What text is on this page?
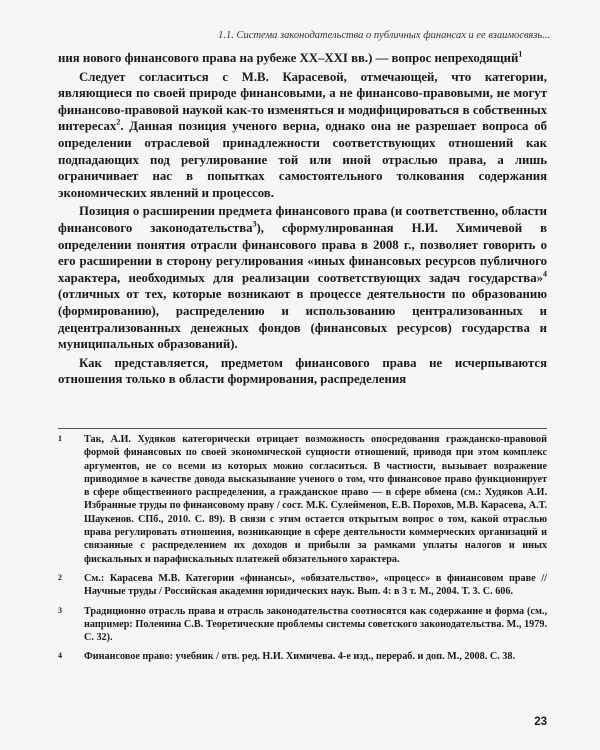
1.1. Система законодательства о публичных финансах и ее взаимосвязь...

ния нового финансового права на рубеже XX–XXI вв.) — вопрос непреходящий$^1$

Следует согласиться с М.В. Карасевой, отмечающей, что категории, являющиеся по своей природе финансовыми, а не финансово-правовыми, не могут финансово-правовой наукой как-то изменяться и модифицироваться в собственных интересах$^2$. Данная позиция ученого верна, однако она не разрешает вопроса об определении отраслевой принадлежности соответствующих отношений как подпадающих под регулирование той или иной отраслью права, а лишь ограничивает нас в попытках самостоятельного толкования содержания экономических явлений и процессов.

Позиция о расширении предмета финансового права (и соответственно, области финансового законодательства$^3$), сформулированная Н.И. Химичевой в определении понятия отрасли финансового права в 2008 г., позволяет говорить о его расширении в сторону регулирования «иных финансовых ресурсов публичного характера, необходимых для реализации соответствующих задач государства»$^4$ (отличных от тех, которые возникают в процессе деятельности по образованию (формированию), распределению и использованию централизованных и децентрализованных денежных фондов (финансовых ресурсов) государства и муниципальных образований).

Как представляется, предметом финансового права не исчерпываются отношения только в области формирования, распределения

1	Так, А.И. Худяков категорически отрицает возможность опосредования гражданско-правовой формой финансовых по своей экономической сущности отношений, приводя при этом комплекс аргументов, не со всеми из которых можно согласиться. В частности, вызывает возражение приводимое в качестве довода высказывание ученого о том, что финансовое право функционирует в сфере общественного распределения, а гражданское право — в сфере обмена (см.: Худяков А.И. Избранные труды по финансовому праву / сост. М.К. Сулейменов, Е.В. Порохов, М.В. Карасева, А.Т. Шаукенов. СПб., 2010. С. 89). В связи с этим остается открытым вопрос о том, какой отраслью права регулировать отношения, возникающие в сфере деятельности коммерческих организаций и связанные с распределением их доходов и прибыли за рамками уплаты налогов и иных фискальных и парафискальных платежей обязательного характера.
2	См.: Карасева М.В. Категории «финансы», «обязательство», «процесс» в финансовом праве // Научные труды / Российская академия юридических наук. Вып. 4: в 3 т. М., 2004. Т. 3. С. 606.
3	Традиционно отрасль права и отрасль законодательства соотносятся как содержание и форма (см., например: Поленина С.В. Теоретические проблемы системы советского законодательства. М., 1979. С. 32).
4	Финансовое право: учебник / отв. ред. Н.И. Химичева. 4-е изд., перераб. и доп. М., 2008. С. 38.
23
